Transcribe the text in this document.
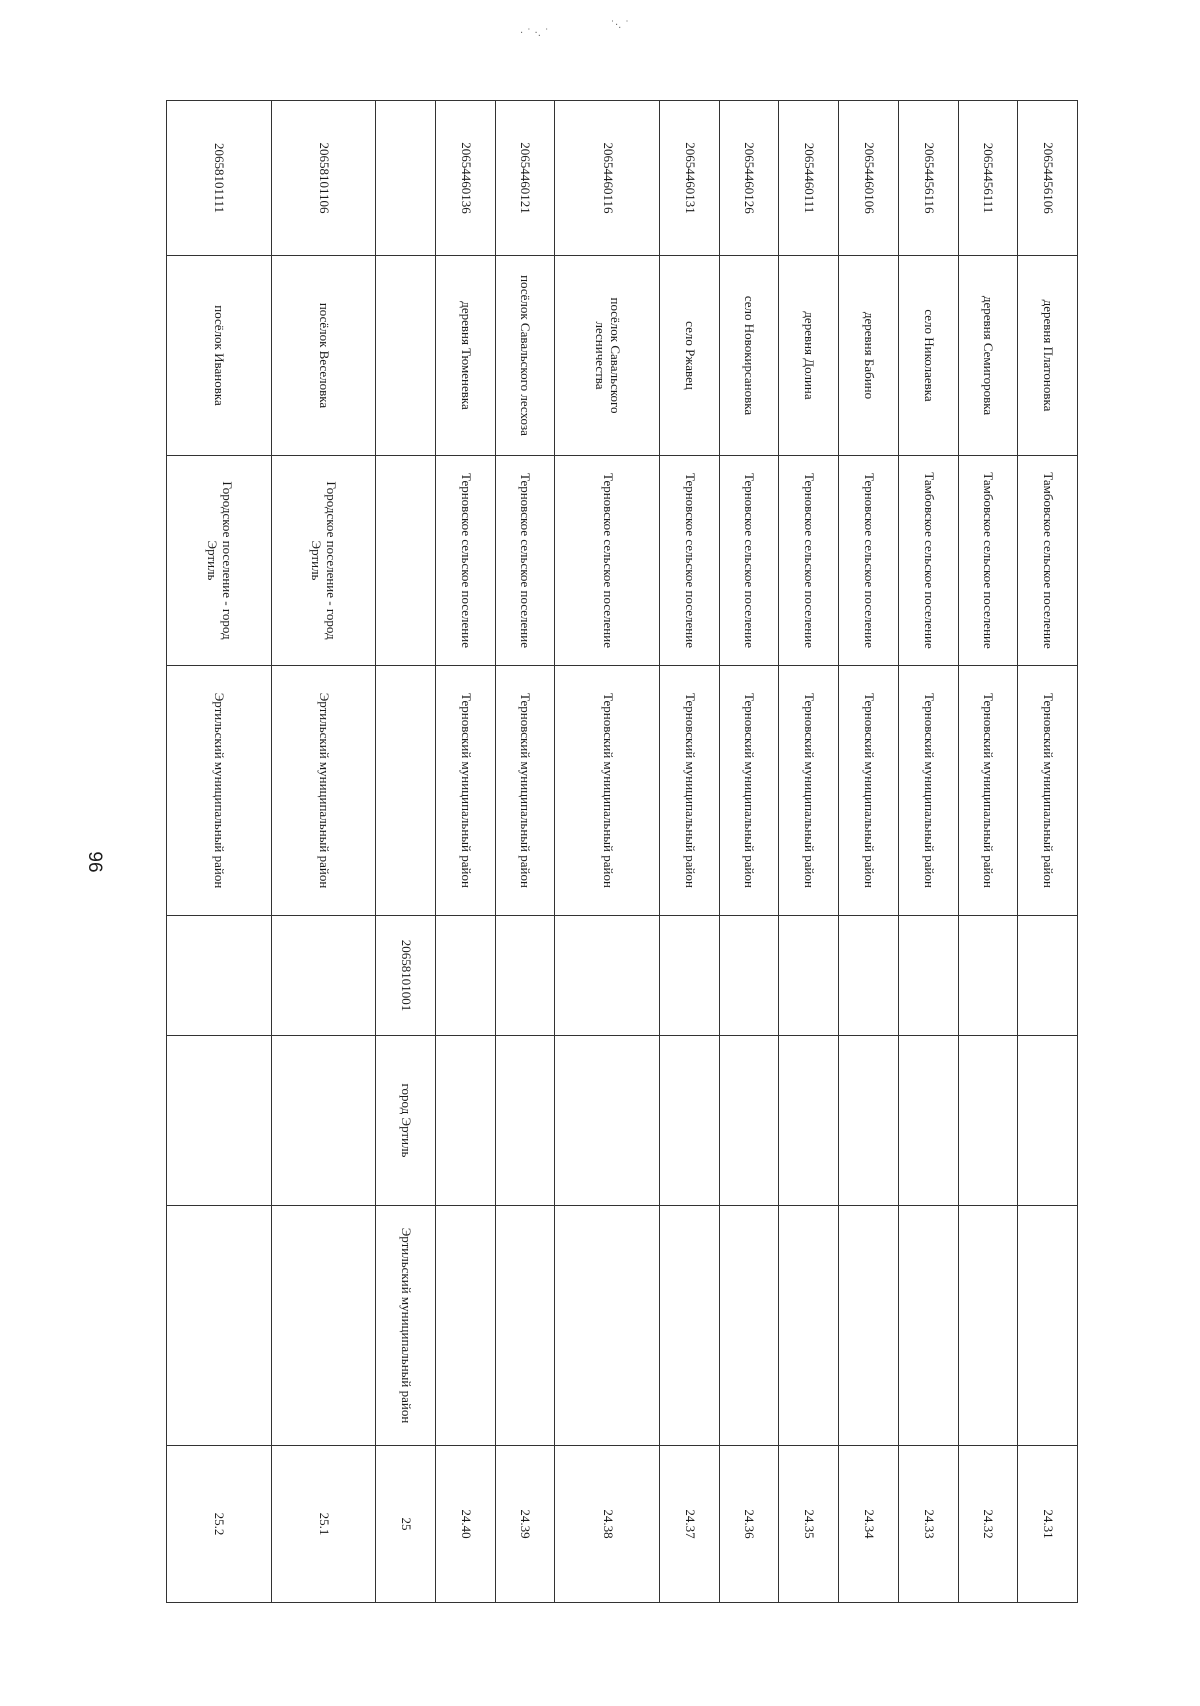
96
· ˙ ·. ˙
˙·. ˙
20654456106	деревня Платоновка	Тамбовское сельское поселение	Терновский муниципальный район				24.31
20654456111	деревня Семигоровка	Тамбовское сельское поселение	Терновский муниципальный район				24.32
20654456116	село Николаевка	Тамбовское сельское поселение	Терновский муниципальный район				24.33
20654460106	деревня Бабино	Терновское сельское поселение	Терновский муниципальный район				24.34
20654460111	деревня Долина	Терновское сельское поселение	Терновский муниципальный район				24.35
20654460126	село Новокирсановка	Терновское сельское поселение	Терновский муниципальный район				24.36
20654460131	село Ржавец	Терновское сельское поселение	Терновский муниципальный район				24.37
20654460116	посёлок Савальского лесничества	Терновское сельское поселение	Терновский муниципальный район				24.38
20654460121	посёлок Савальского лесхоза	Терновское сельское поселение	Терновский муниципальный район				24.39
20654460136	деревня Тюменевка	Терновское сельское поселение	Терновский муниципальный район				24.40
				20658101001	город Эртиль	Эртильский муниципальный район	25
20658101106	посёлок Веселовка	Городское поселение - город Эртиль	Эртильский муниципальный район				25.1
20658101111	посёлок Ивановка	Городское поселение - город Эртиль	Эртильский муниципальный район				25.2
